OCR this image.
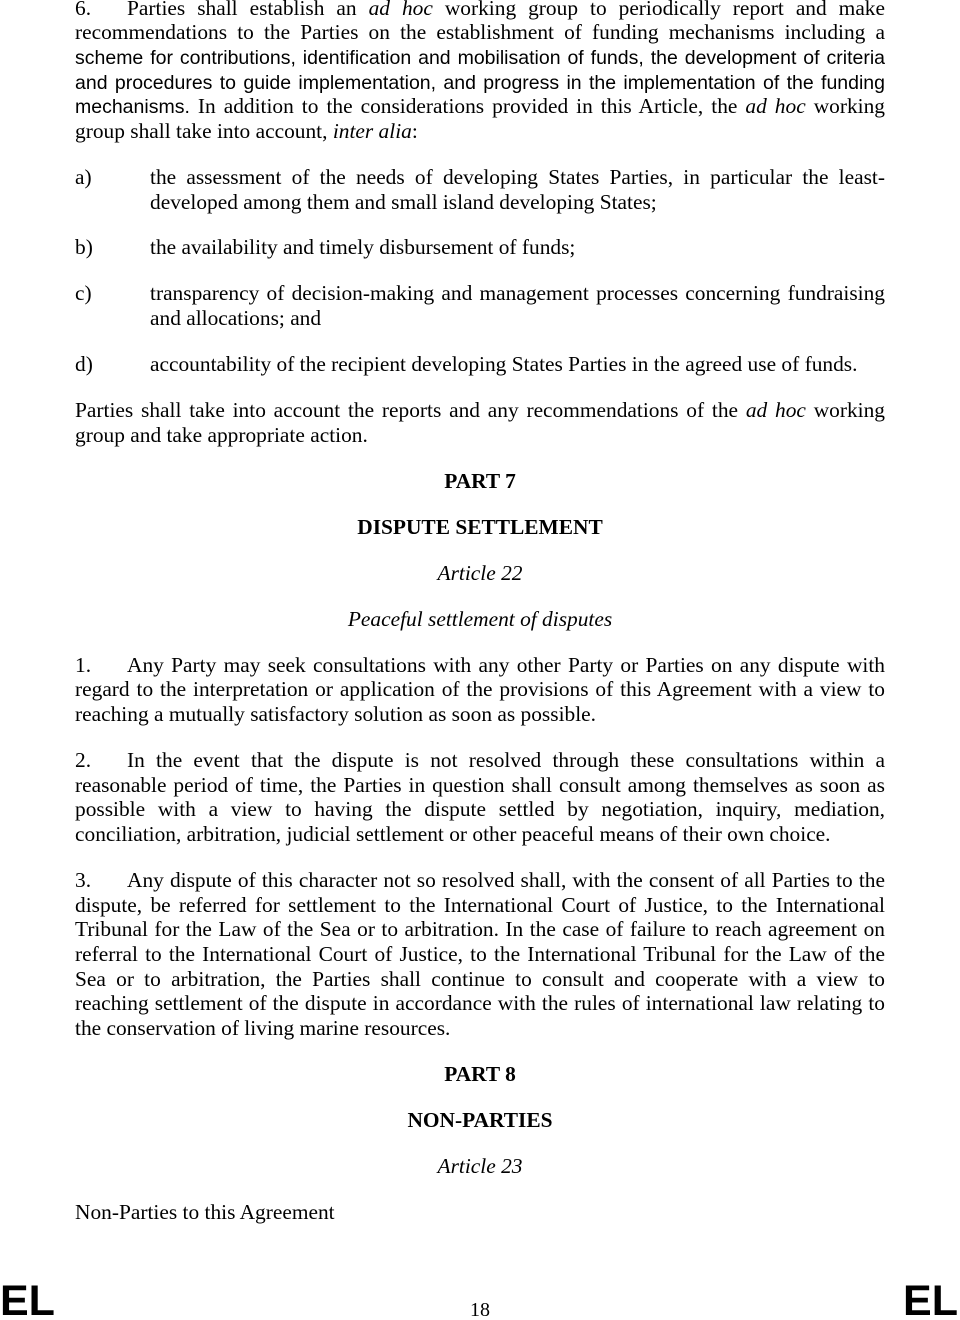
6. Parties shall establish an ad hoc working group to periodically report and make recommendations to the Parties on the establishment of funding mechanisms including a scheme for contributions, identification and mobilisation of funds, the development of criteria and procedures to guide implementation, and progress in the implementation of the funding mechanisms. In addition to the considerations provided in this Article, the ad hoc working group shall take into account, inter alia:

a)	the assessment of the needs of developing States Parties, in particular the least-developed among them and small island developing States;
b)	the availability and timely disbursement of funds;
c)	transparency of decision-making and management processes concerning fundraising and allocations; and
d)	accountability of the recipient developing States Parties in the agreed use of funds.

Parties shall take into account the reports and any recommendations of the ad hoc working group and take appropriate action.

PART 7
DISPUTE SETTLEMENT
Article 22
Peaceful settlement of disputes

1. Any Party may seek consultations with any other Party or Parties on any dispute with regard to the interpretation or application of the provisions of this Agreement with a view to reaching a mutually satisfactory solution as soon as possible.

2. In the event that the dispute is not resolved through these consultations within a reasonable period of time, the Parties in question shall consult among themselves as soon as possible with a view to having the dispute settled by negotiation, inquiry, mediation, conciliation, arbitration, judicial settlement or other peaceful means of their own choice.

3. Any dispute of this character not so resolved shall, with the consent of all Parties to the dispute, be referred for settlement to the International Court of Justice, to the International Tribunal for the Law of the Sea or to arbitration. In the case of failure to reach agreement on referral to the International Court of Justice, to the International Tribunal for the Law of the Sea or to arbitration, the Parties shall continue to consult and cooperate with a view to reaching settlement of the dispute in accordance with the rules of international law relating to the conservation of living marine resources.

PART 8
NON-PARTIES
Article 23
Non-Parties to this Agreement
EL	18	EL
